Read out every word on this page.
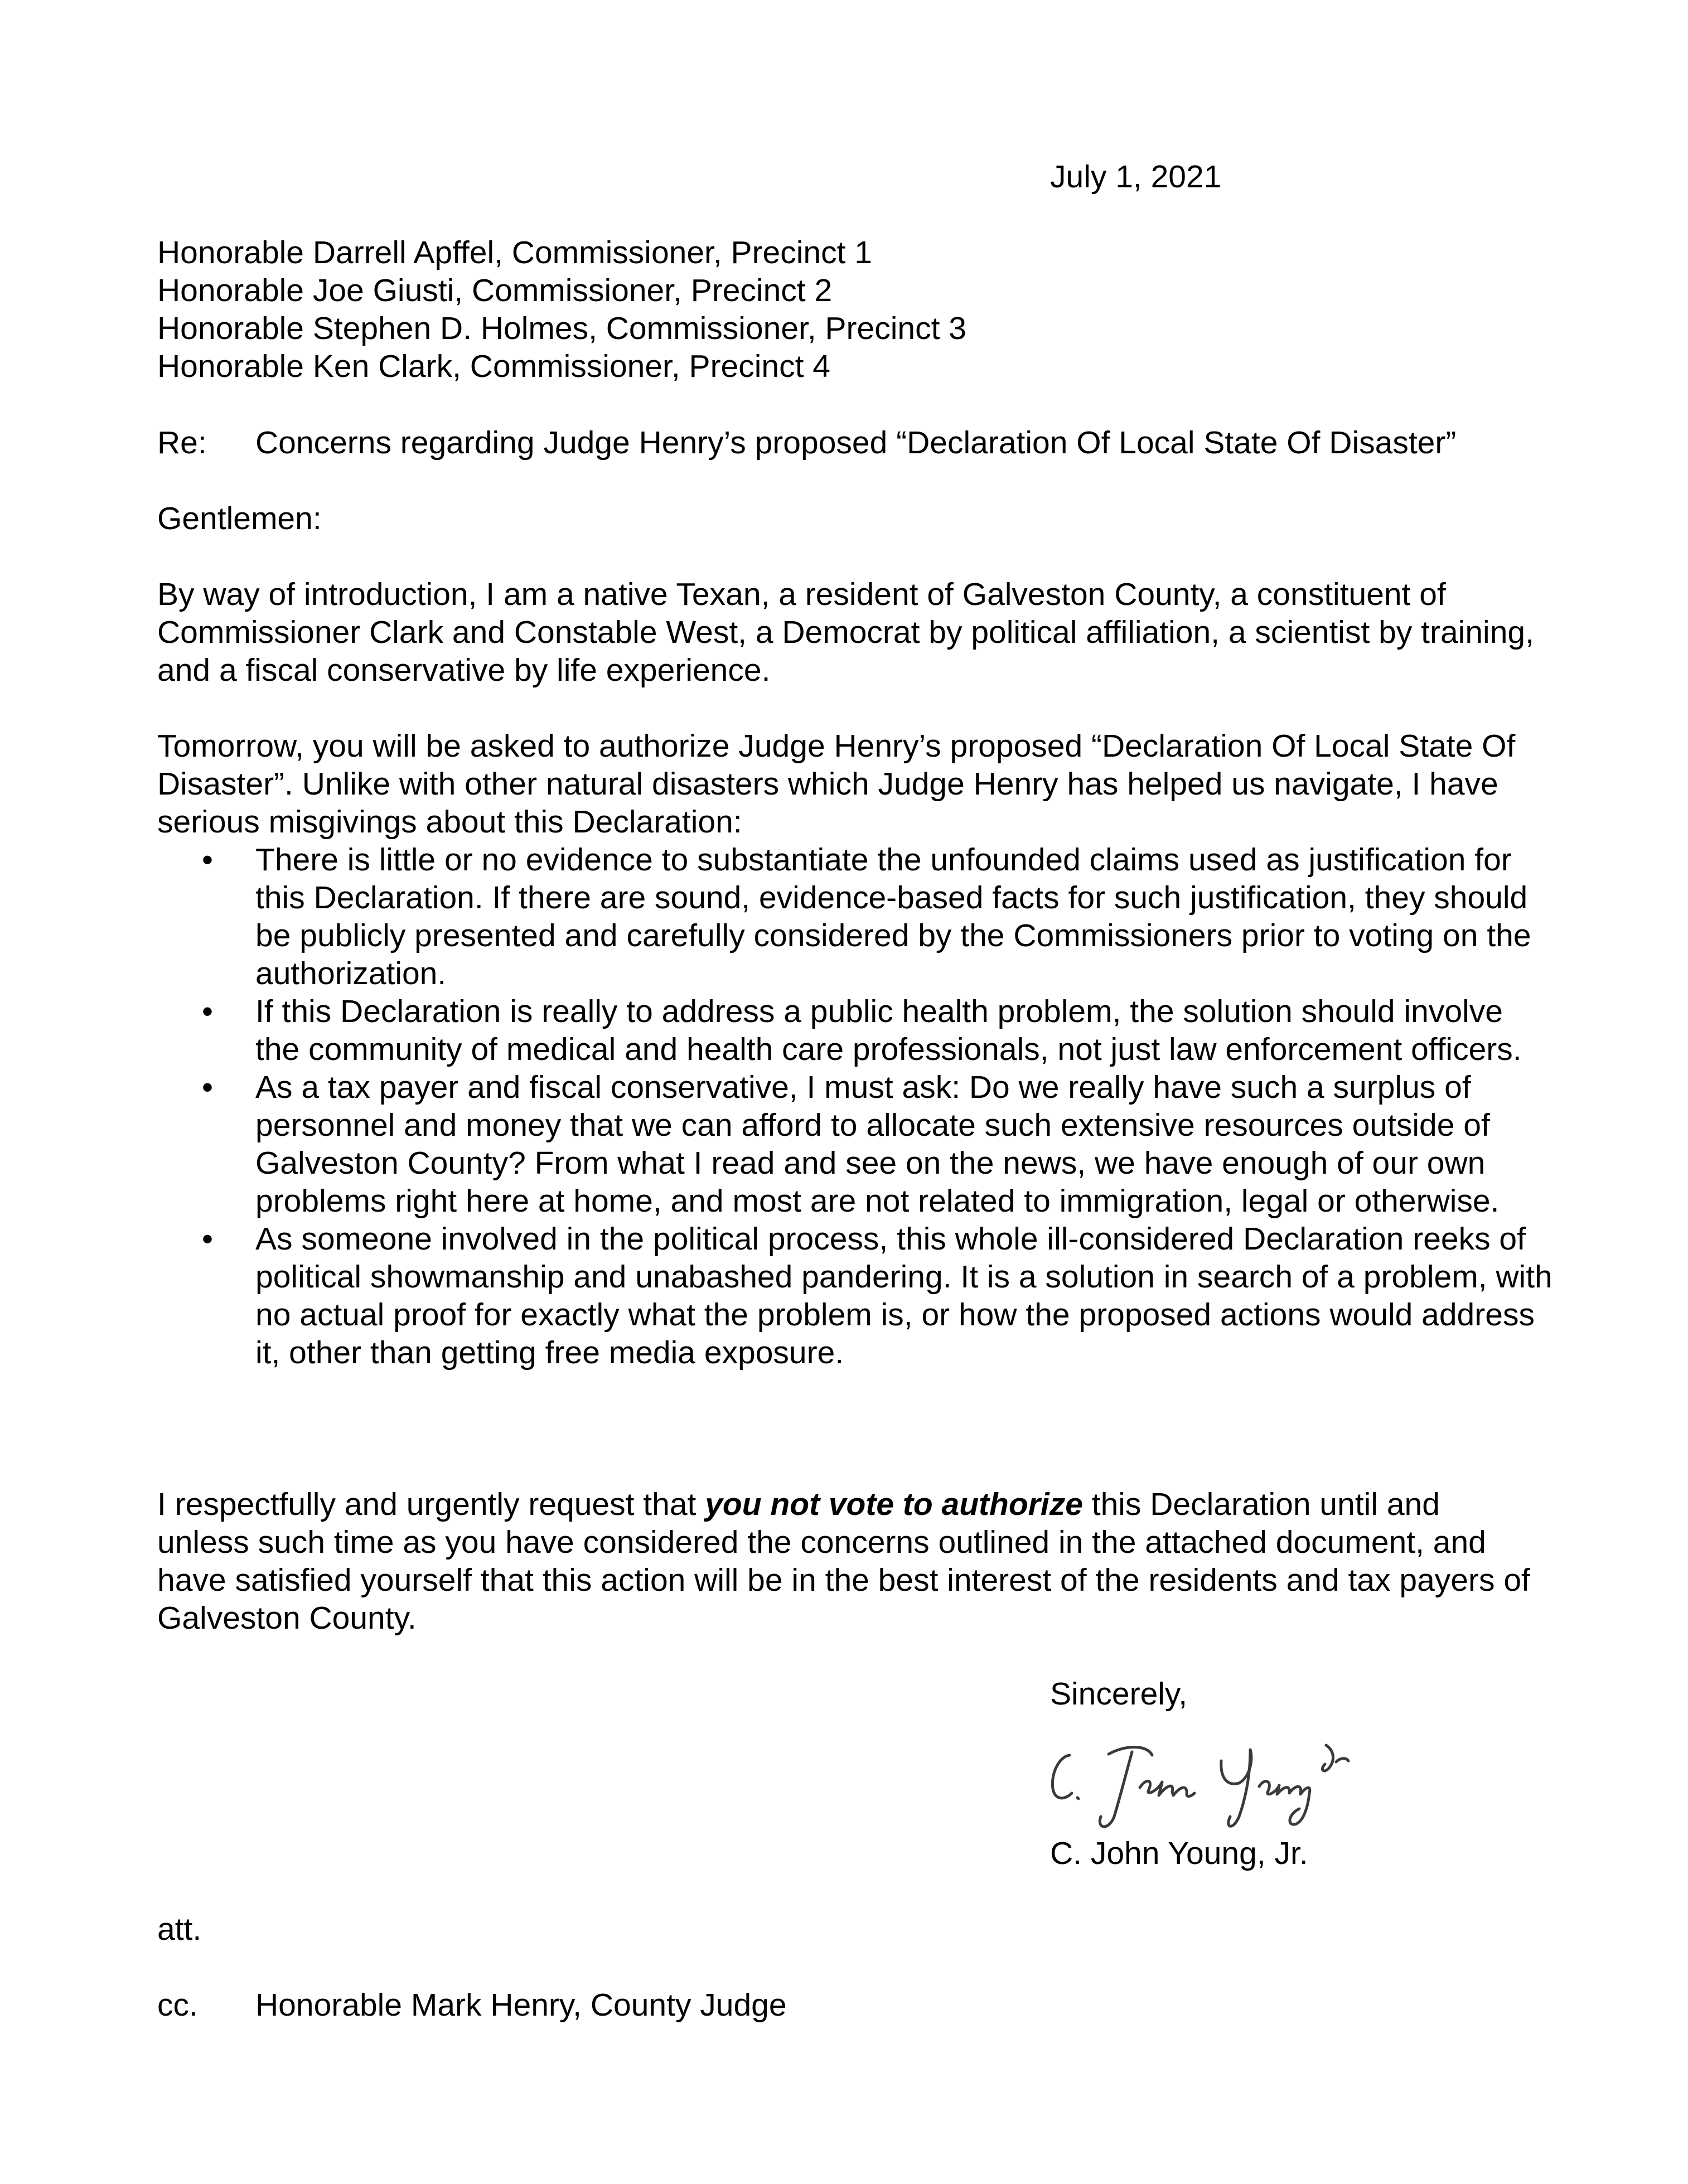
July 1, 2021

Honorable Darrell Apffel, Commissioner, Precinct 1
Honorable Joe Giusti, Commissioner, Precinct 2
Honorable Stephen D. Holmes, Commissioner, Precinct 3
Honorable Ken Clark, Commissioner, Precinct 4

Re: Concerns regarding Judge Henry’s proposed “Declaration Of Local State Of Disaster”

Gentlemen:

By way of introduction, I am a native Texan, a resident of Galveston County, a constituent of Commissioner Clark and Constable West, a Democrat by political affiliation, a scientist by training, and a fiscal conservative by life experience.

Tomorrow, you will be asked to authorize Judge Henry’s proposed “Declaration Of Local State Of Disaster”. Unlike with other natural disasters which Judge Henry has helped us navigate, I have serious misgivings about this Declaration:

• There is little or no evidence to substantiate the unfounded claims used as justification for this Declaration. If there are sound, evidence-based facts for such justification, they should be publicly presented and carefully considered by the Commissioners prior to voting on the authorization.
• If this Declaration is really to address a public health problem, the solution should involve the community of medical and health care professionals, not just law enforcement officers.
• As a tax payer and fiscal conservative, I must ask: Do we really have such a surplus of personnel and money that we can afford to allocate such extensive resources outside of Galveston County? From what I read and see on the news, we have enough of our own problems right here at home, and most are not related to immigration, legal or otherwise.
• As someone involved in the political process, this whole ill-considered Declaration reeks of political showmanship and unabashed pandering. It is a solution in search of a problem, with no actual proof for exactly what the problem is, or how the proposed actions would address it, other than getting free media exposure.

I respectfully and urgently request that you not vote to authorize this Declaration until and unless such time as you have considered the concerns outlined in the attached document, and have satisfied yourself that this action will be in the best interest of the residents and tax payers of Galveston County.

Sincerely,

C. John Young, Jr.

att.

cc. Honorable Mark Henry, County Judge
